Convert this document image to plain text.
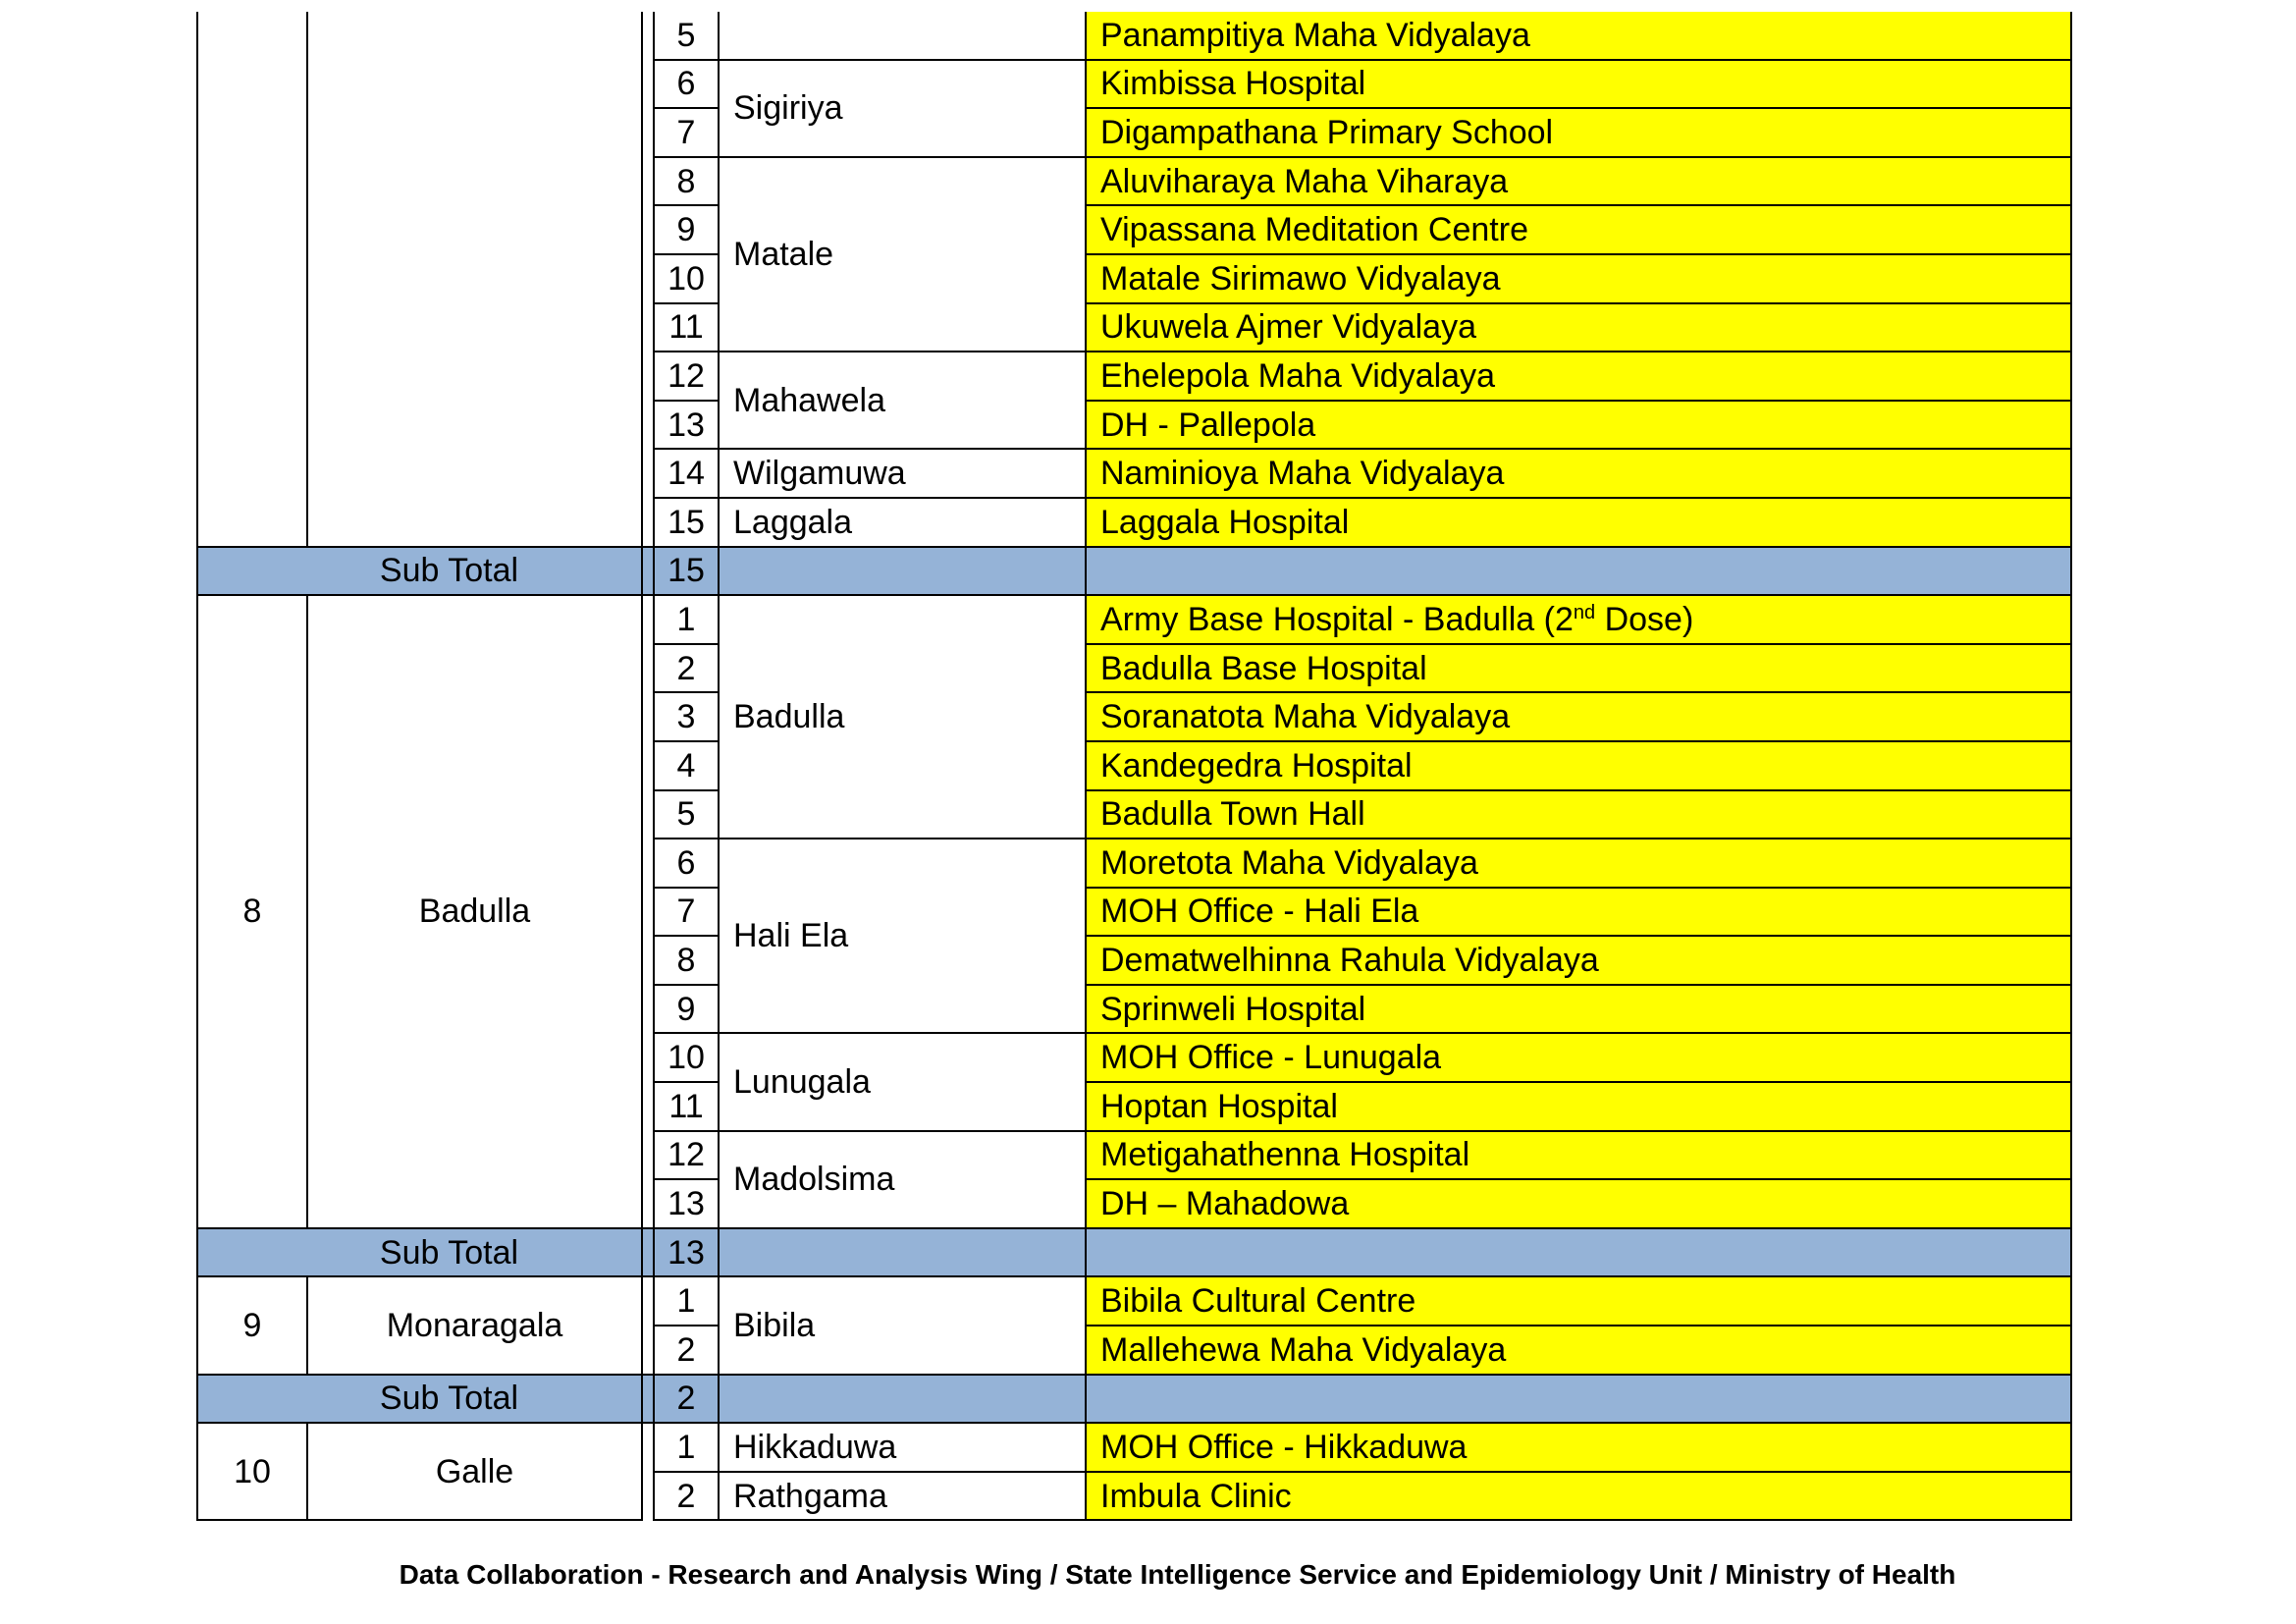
			5		Panampitiya Maha Vidyalaya
			6	Sigiriya	Kimbissa Hospital
			7		Digampathana Primary School
			8	Matale	Aluviharaya Maha Viharaya
			9		Vipassana Meditation Centre
			10		Matale Sirimawo Vidyalaya
			11		Ukuwela Ajmer Vidyalaya
			12	Mahawela	Ehelepola Maha Vidyalaya
			13		DH - Pallepola
			14	Wilgamuwa	Naminioya Maha Vidyalaya
			15	Laggala	Laggala Hospital
Sub Total			15		
8	Badulla		1	Badulla	Army Base Hospital - Badulla (2nd Dose)
			2		Badulla Base Hospital
			3		Soranatota Maha Vidyalaya
			4		Kandegedra Hospital
			5		Badulla Town Hall
			6	Hali Ela	Moretota Maha Vidyalaya
			7		MOH Office - Hali Ela
			8		Dematwelhinna Rahula Vidyalaya
			9		Sprinweli Hospital
			10	Lunugala	MOH Office - Lunugala
			11		Hoptan Hospital
			12	Madolsima	Metigahathenna Hospital
			13		DH – Mahadowa
Sub Total			13		
9	Monaragala		1	Bibila	Bibila Cultural Centre
			2		Mallehewa Maha Vidyalaya
Sub Total			2		
10	Galle		1	Hikkaduwa	MOH Office - Hikkaduwa
			2	Rathgama	Imbula Clinic
Data Collaboration - Research and Analysis Wing / State Intelligence Service and Epidemiology Unit / Ministry of Health
